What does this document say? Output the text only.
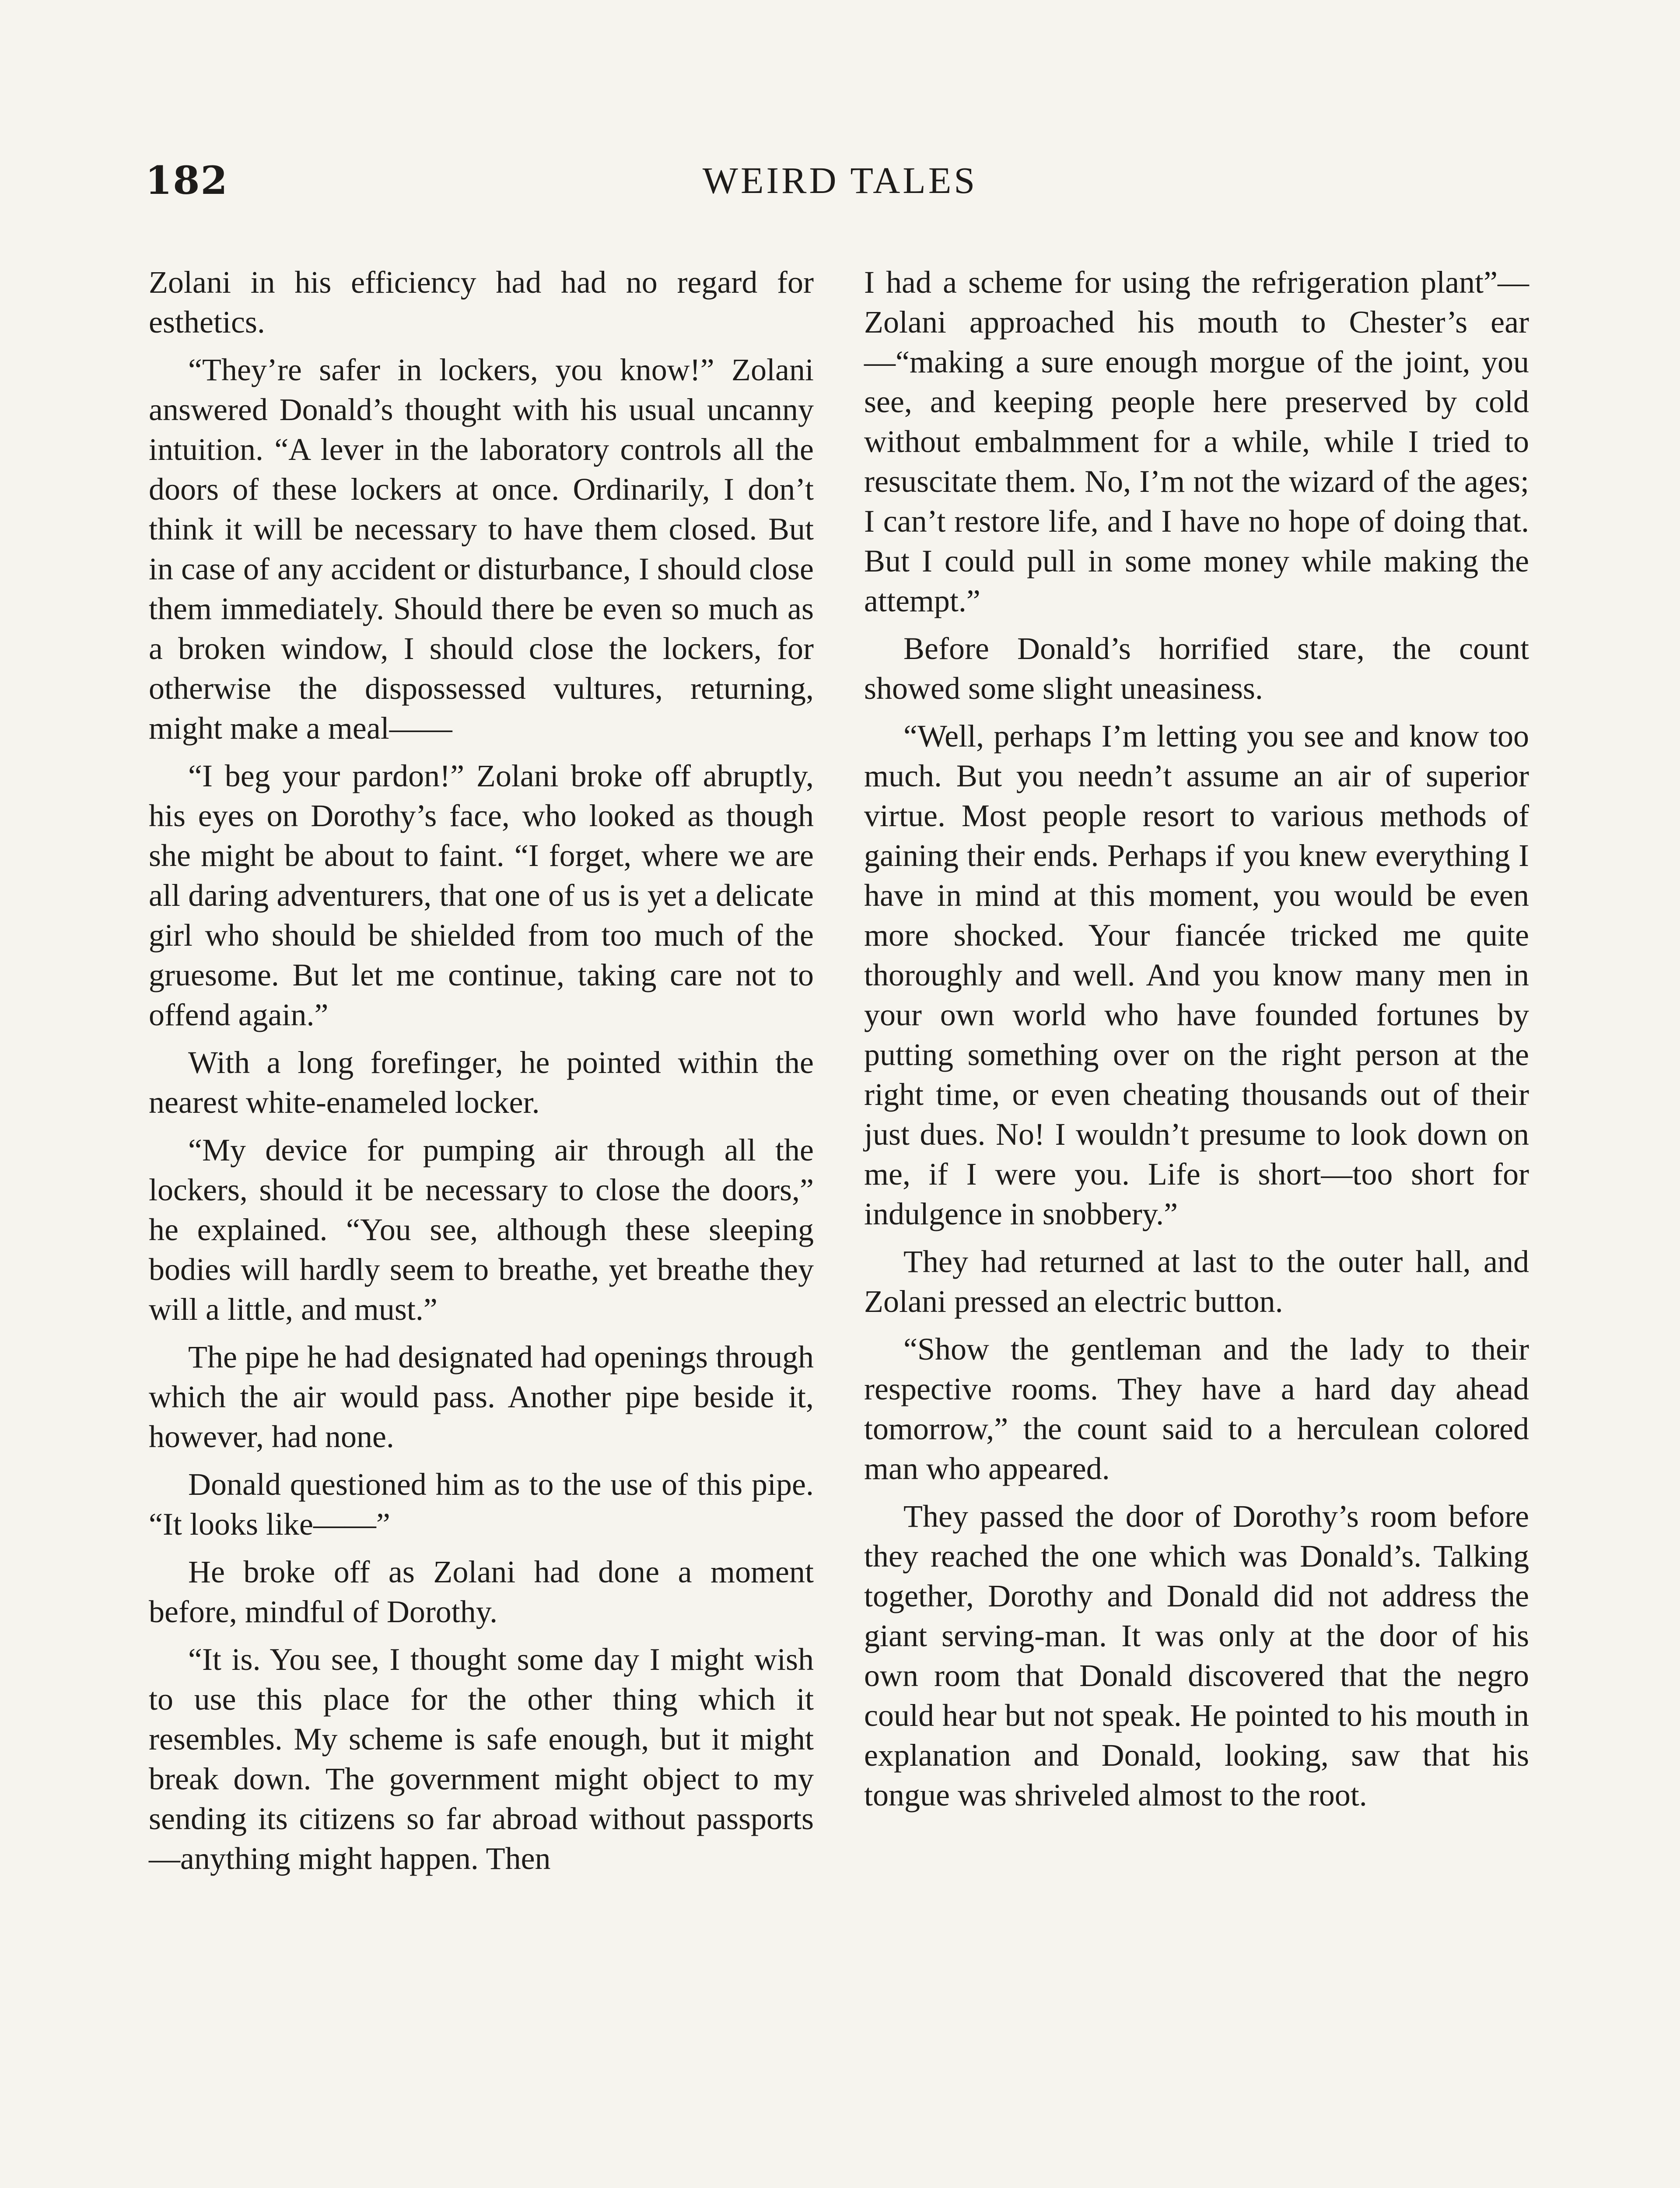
182	WEIRD TALES

Zolani in his efficiency had had no regard for esthetics.

“They’re safer in lockers, you know!” Zolani answered Donald’s thought with his usual uncanny intuition. “A lever in the laboratory controls all the doors of these lockers at once. Ordinarily, I don’t think it will be necessary to have them closed. But in case of any accident or disturbance, I should close them immediately. Should there be even so much as a broken window, I should close the lockers, for otherwise the dispossessed vultures, returning, might make a meal——

“I beg your pardon!” Zolani broke off abruptly, his eyes on Dorothy’s face, who looked as though she might be about to faint. “I forget, where we are all daring adventurers, that one of us is yet a delicate girl who should be shielded from too much of the gruesome. But let me continue, taking care not to offend again.”

With a long forefinger, he pointed within the nearest white-enameled locker.

“My device for pumping air through all the lockers, should it be necessary to close the doors,” he explained. “You see, although these sleeping bodies will hardly seem to breathe, yet breathe they will a little, and must.”

The pipe he had designated had openings through which the air would pass. Another pipe beside it, however, had none.

Donald questioned him as to the use of this pipe. “It looks like——”

He broke off as Zolani had done a moment before, mindful of Dorothy.

“It is. You see, I thought some day I might wish to use this place for the other thing which it resembles. My scheme is safe enough, but it might break down. The government might object to my sending its citizens so far abroad without passports—anything might happen. Then

I had a scheme for using the refrigeration plant”—Zolani approached his mouth to Chester’s ear —“making a sure enough morgue of the joint, you see, and keeping people here preserved by cold without embalmment for a while, while I tried to resuscitate them. No, I’m not the wizard of the ages; I can’t restore life, and I have no hope of doing that. But I could pull in some money while making the attempt.”

Before Donald’s horrified stare, the count showed some slight uneasiness.

“Well, perhaps I’m letting you see and know too much. But you needn’t assume an air of superior virtue. Most people resort to various methods of gaining their ends. Perhaps if you knew everything I have in mind at this moment, you would be even more shocked. Your fiancée tricked me quite thoroughly and well. And you know many men in your own world who have founded fortunes by putting something over on the right person at the right time, or even cheating thousands out of their just dues. No! I wouldn’t presume to look down on me, if I were you. Life is short—too short for indulgence in snobbery.”

They had returned at last to the outer hall, and Zolani pressed an electric button.

“Show the gentleman and the lady to their respective rooms. They have a hard day ahead tomorrow,” the count said to a herculean colored man who appeared.

They passed the door of Dorothy’s room before they reached the one which was Donald’s. Talking together, Dorothy and Donald did not address the giant serving-man. It was only at the door of his own room that Donald discovered that the negro could hear but not speak. He pointed to his mouth in explanation and Donald, looking, saw that his tongue was shriveled almost to the root.
